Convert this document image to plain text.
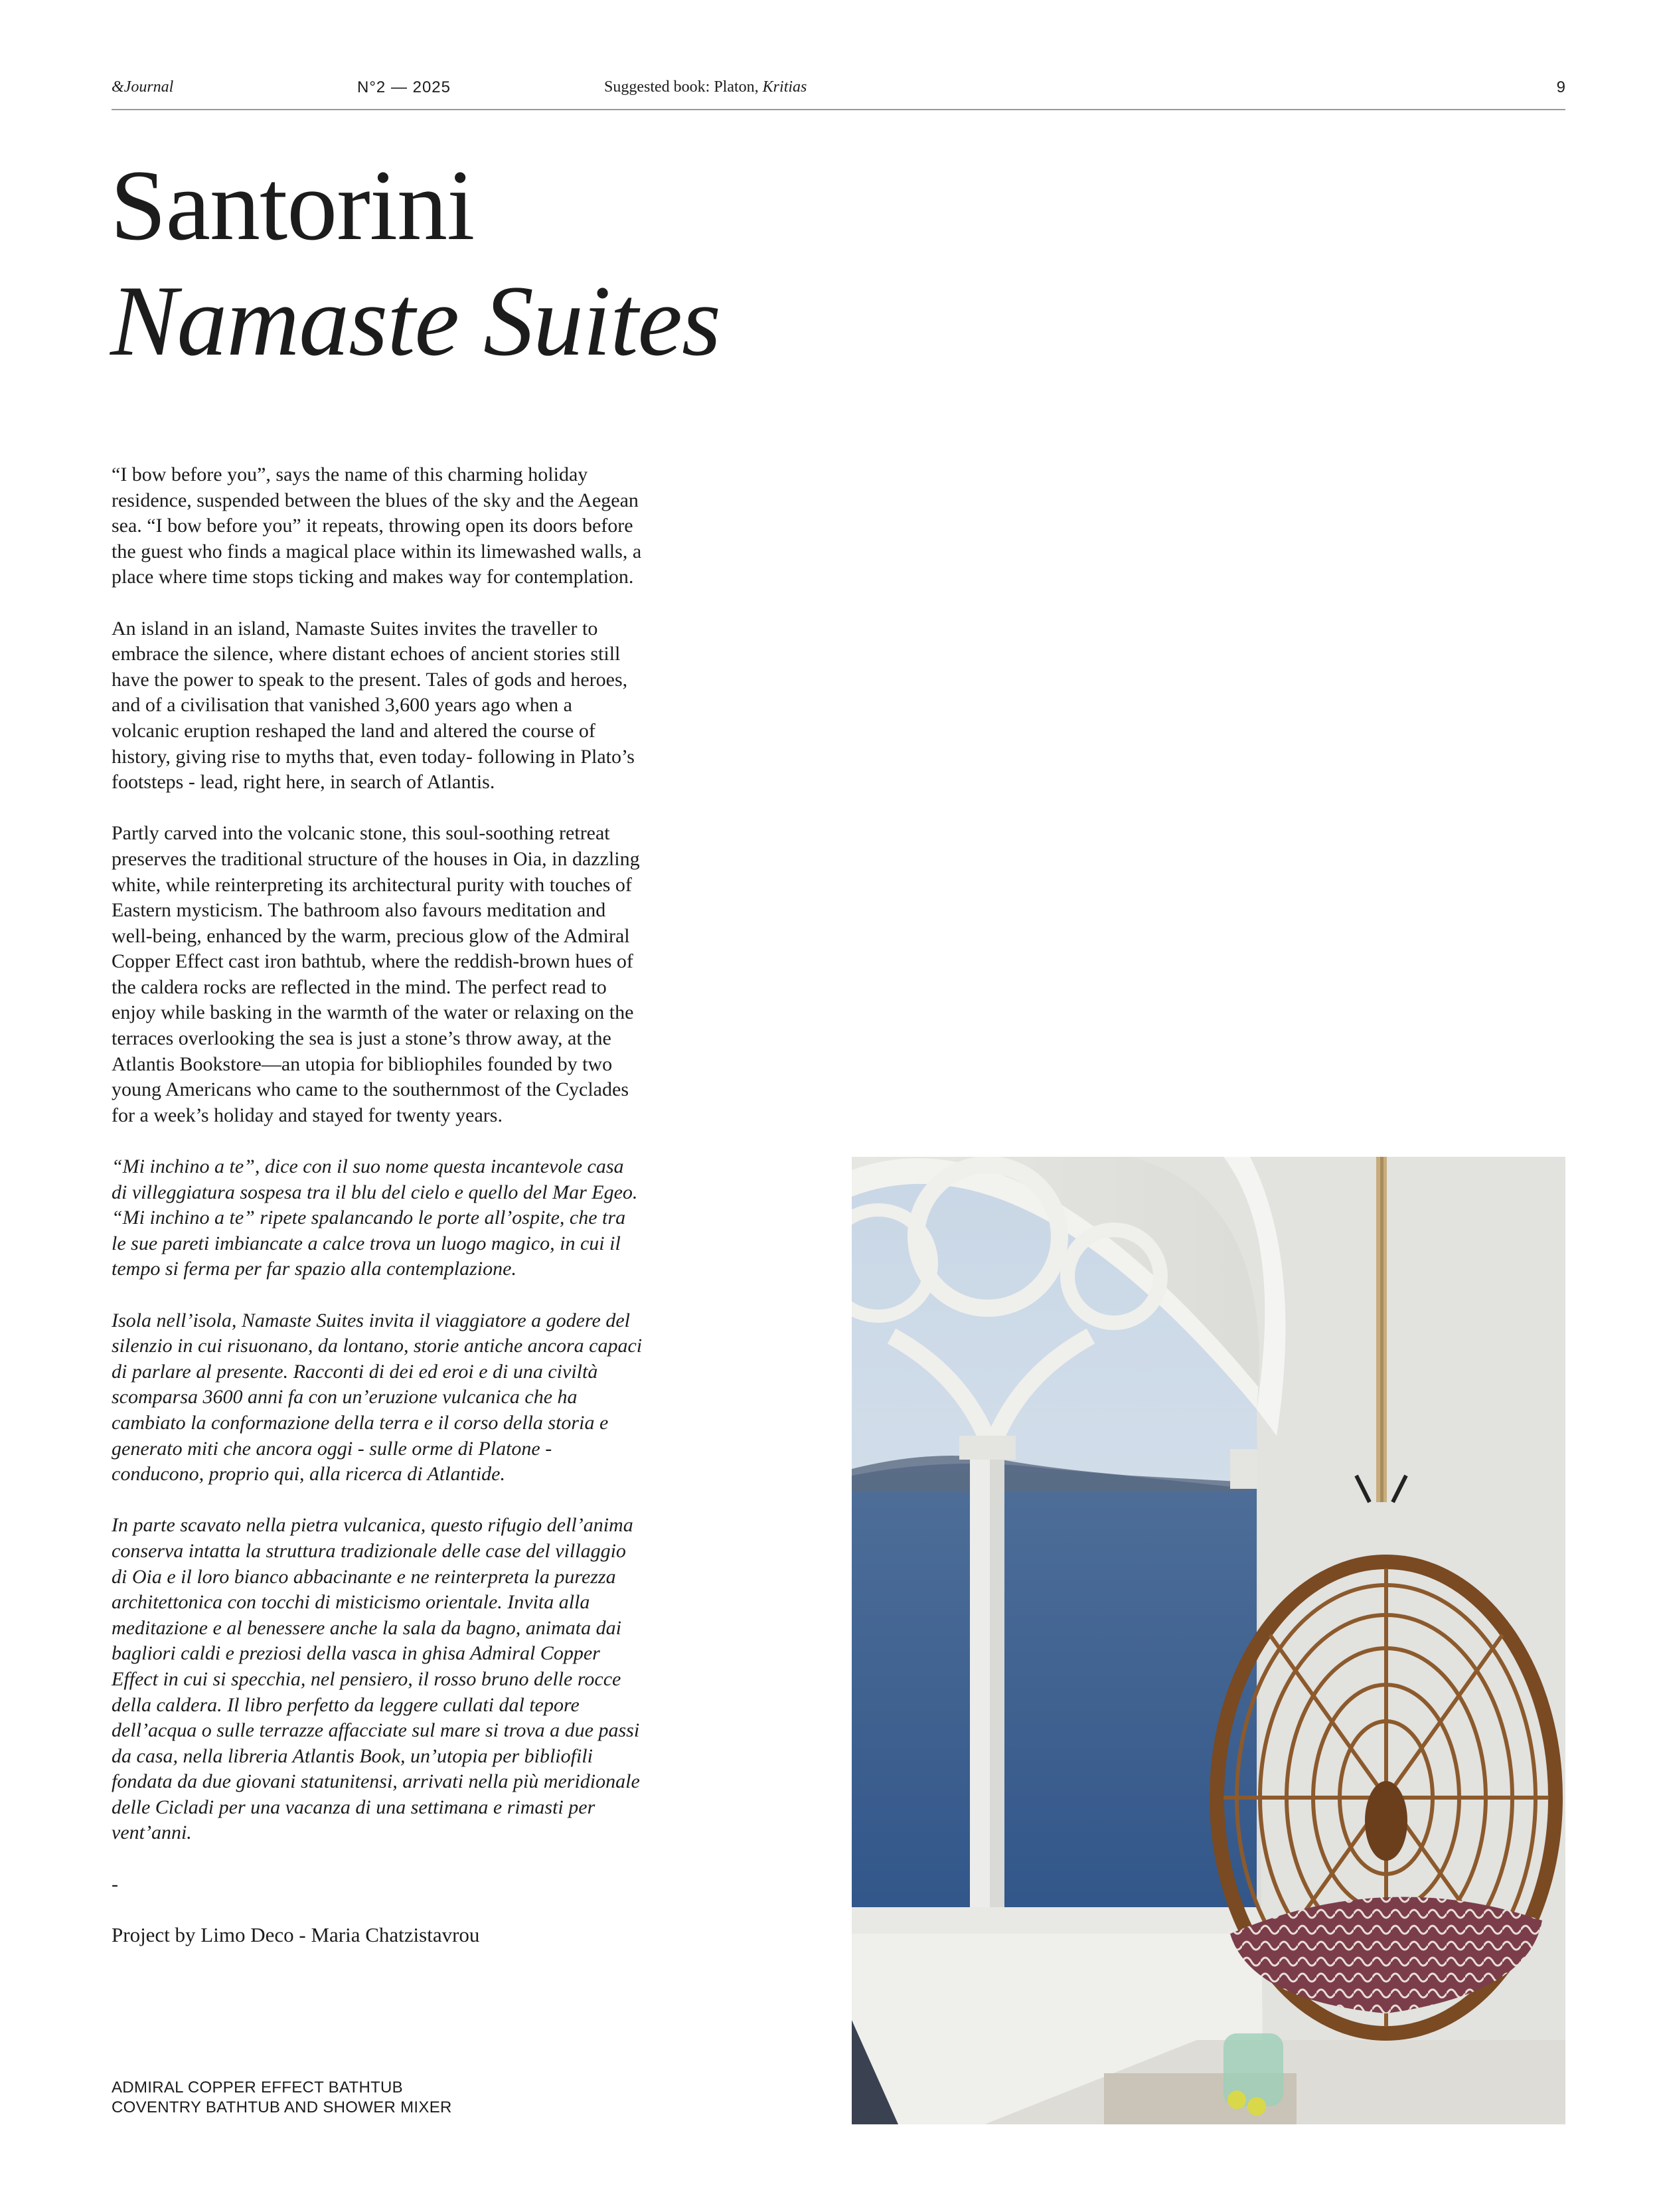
&Journal	N°2 — 2025	Suggested book: Platon, Kritias	9
Santorini
Namaste Suites

“I bow before you”, says the name of this charming holiday residence, suspended between the blues of the sky and the Aegean sea. “I bow before you” it repeats, throwing open its doors before the guest who finds a magical place within its limewashed walls, a place where time stops ticking and makes way for contemplation.

An island in an island, Namaste Suites invites the traveller to embrace the silence, where distant echoes of ancient stories still have the power to speak to the present. Tales of gods and heroes, and of a civilisation that vanished 3,600 years ago when a volcanic eruption reshaped the land and altered the course of history, giving rise to myths that, even today- following in Plato’s footsteps - lead, right here, in search of Atlantis.

Partly carved into the volcanic stone, this soul-soothing retreat preserves the traditional structure of the houses in Oia, in dazzling white, while reinterpreting its architectural purity with touches of Eastern mysticism. The bathroom also favours meditation and well-being, enhanced by the warm, precious glow of the Admiral Copper Effect cast iron bathtub, where the reddish-brown hues of the caldera rocks are reflected in the mind. The perfect read to enjoy while basking in the warmth of the water or relaxing on the terraces overlooking the sea is just a stone’s throw away, at the Atlantis Bookstore—an utopia for bibliophiles founded by two young Americans who came to the southernmost of the Cyclades for a week’s holiday and stayed for twenty years.

“Mi inchino a te”, dice con il suo nome questa incantevole casa di villeggiatura sospesa tra il blu del cielo e quello del Mar Egeo. “Mi inchino a te” ripete spalancando le porte all’ospite, che tra le sue pareti imbiancate a calce trova un luogo magico, in cui il tempo si ferma per far spazio alla contemplazione.

Isola nell’isola, Namaste Suites invita il viaggiatore a godere del silenzio in cui risuonano, da lontano, storie antiche ancora capaci di parlare al presente. Racconti di dei ed eroi e di una civiltà scomparsa 3600 anni fa con un’eruzione vulcanica che ha cambiato la conformazione della terra e il corso della storia e generato miti che ancora oggi - sulle orme di Platone - conducono, proprio qui, alla ricerca di Atlantide.

In parte scavato nella pietra vulcanica, questo rifugio dell’anima conserva intatta la struttura tradizionale delle case del villaggio di Oia e il loro bianco abbacinante e ne reinterpreta la purezza architettonica con tocchi di misticismo orientale. Invita alla meditazione e al benessere anche la sala da bagno, animata dai bagliori caldi e preziosi della vasca in ghisa Admiral Copper Effect in cui si specchia, nel pensiero, il rosso bruno delle rocce della caldera. Il libro perfetto da leggere cullati dal tepore dell’acqua o sulle terrazze affacciate sul mare si trova a due passi da casa, nella libreria Atlantis Book, un’utopia per bibliofili fondata da due giovani statunitensi, arrivati nella più meridionale delle Cicladi per una vacanza di una settimana e rimasti per vent’anni.

-
Project by Limo Deco - Maria Chatzistavrou
ADMIRAL COPPER EFFECT BATHTUB
COVENTRY BATHTUB AND SHOWER MIXER
